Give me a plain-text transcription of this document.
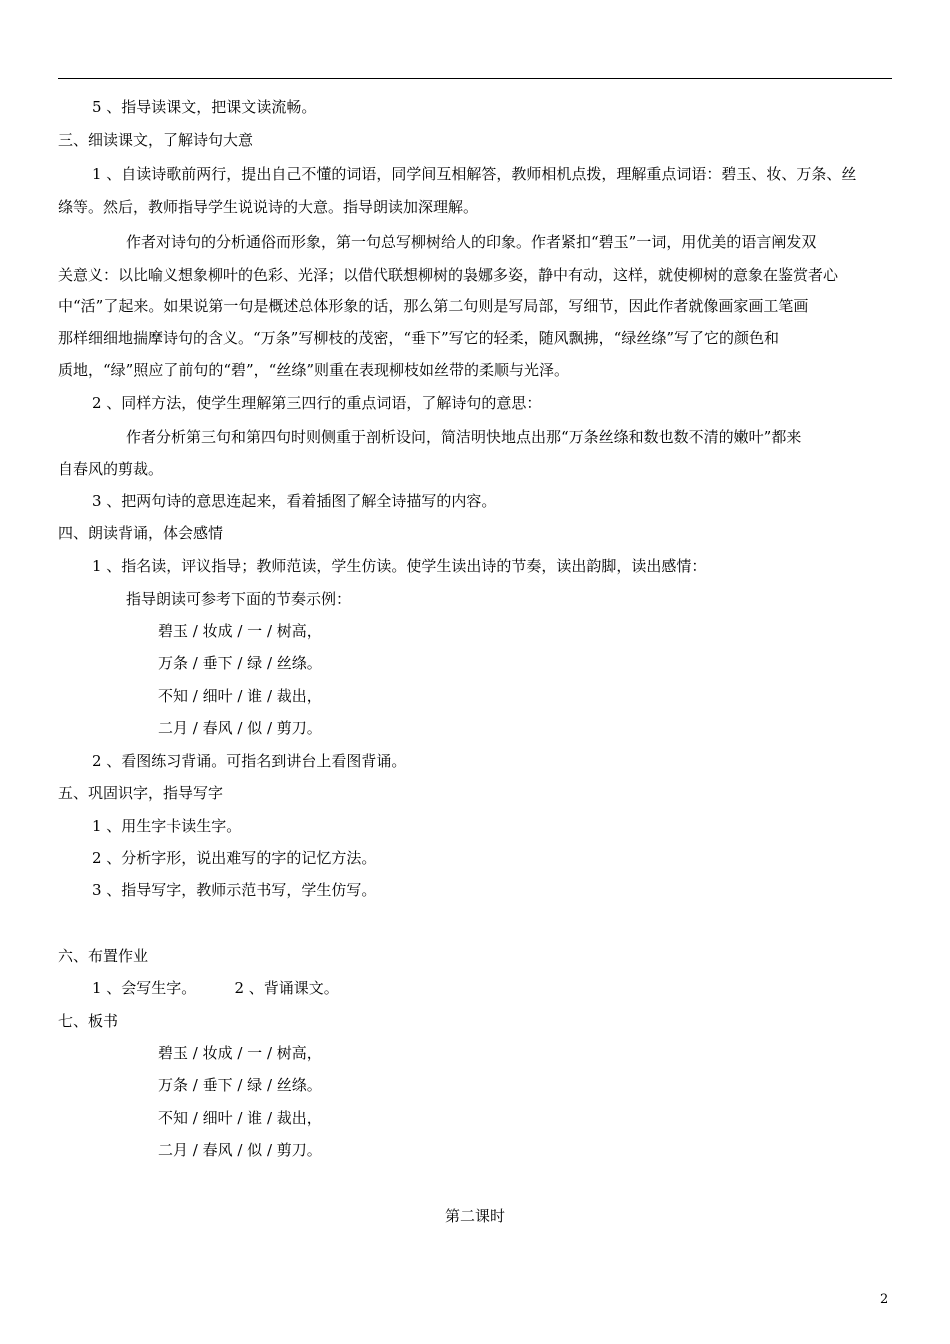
5 、指导读课文，把课文读流畅。
三、细读课文，了解诗句大意
1 、自读诗歌前两行，提出自己不懂的词语，同学间互相解答，教师相机点拨，理解重点词语：碧玉、妆、万条、丝
绦等。然后，教师指导学生说说诗的大意。指导朗读加深理解。
作者对诗句的分析通俗而形象，第一句总写柳树给人的印象。作者紧扣“碧玉”一词，用优美的语言阐发双
关意义：以比喻义想象柳叶的色彩、光泽；以借代联想柳树的袅娜多姿，静中有动，这样，就使柳树的意象在鉴赏者心
中“活”了起来。如果说第一句是概述总体形象的话，那么第二句则是写局部，写细节，因此作者就像画家画工笔画
那样细细地揣摩诗句的含义。“万条”写柳枝的茂密，“垂下”写它的轻柔，随风飘拂，“绿丝绦”写了它的颜色和
质地，“绿”照应了前句的“碧”，“丝绦”则重在表现柳枝如丝带的柔顺与光泽。
2 、同样方法，使学生理解第三四行的重点词语，了解诗句的意思：
作者分析第三句和第四句时则侧重于剖析设问，简洁明快地点出那“万条丝绦和数也数不清的嫩叶”都来
自春风的剪裁。
3 、把两句诗的意思连起来，看着插图了解全诗描写的内容。
四、朗读背诵，体会感情
1 、指名读，评议指导；教师范读，学生仿读。使学生读出诗的节奏，读出韵脚，读出感情：
指导朗读可参考下面的节奏示例：
碧玉 / 妆成 / 一 / 树高，
万条 / 垂下 / 绿 / 丝绦。
不知 / 细叶 / 谁 / 裁出，
二月 / 春风 / 似 / 剪刀。
2 、看图练习背诵。可指名到讲台上看图背诵。
五、巩固识字，指导写字
1 、用生字卡读生字。
2 、分析字形，说出难写的字的记忆方法。
3 、指导写字，教师示范书写，学生仿写。
六、布置作业
1 、会写生字。        2 、背诵课文。
七、板书
碧玉 / 妆成 / 一 / 树高，
万条 / 垂下 / 绿 / 丝绦。
不知 / 细叶 / 谁 / 裁出，
二月 / 春风 / 似 / 剪刀。
第二课时
2
